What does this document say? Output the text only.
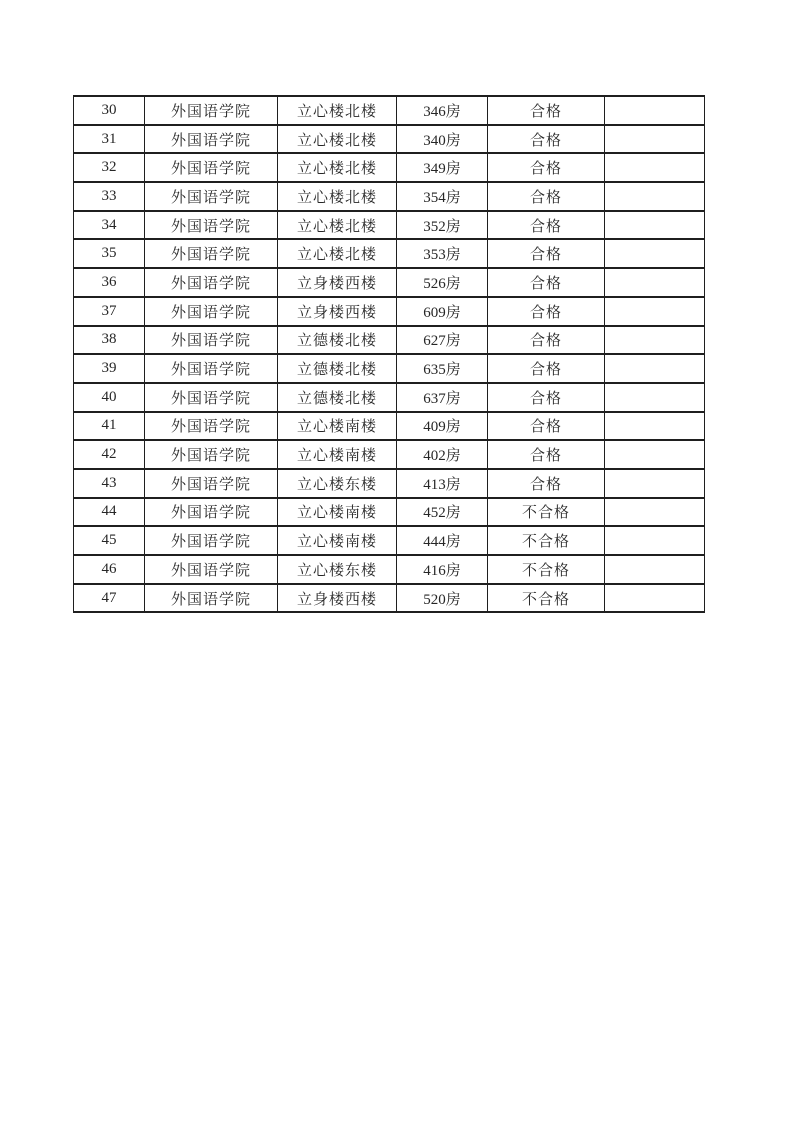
30	外国语学院	立心楼北楼	346房	合格	
31	外国语学院	立心楼北楼	340房	合格	
32	外国语学院	立心楼北楼	349房	合格	
33	外国语学院	立心楼北楼	354房	合格	
34	外国语学院	立心楼北楼	352房	合格	
35	外国语学院	立心楼北楼	353房	合格	
36	外国语学院	立身楼西楼	526房	合格	
37	外国语学院	立身楼西楼	609房	合格	
38	外国语学院	立德楼北楼	627房	合格	
39	外国语学院	立德楼北楼	635房	合格	
40	外国语学院	立德楼北楼	637房	合格	
41	外国语学院	立心楼南楼	409房	合格	
42	外国语学院	立心楼南楼	402房	合格	
43	外国语学院	立心楼东楼	413房	合格	
44	外国语学院	立心楼南楼	452房	不合格	
45	外国语学院	立心楼南楼	444房	不合格	
46	外国语学院	立心楼东楼	416房	不合格	
47	外国语学院	立身楼西楼	520房	不合格	
